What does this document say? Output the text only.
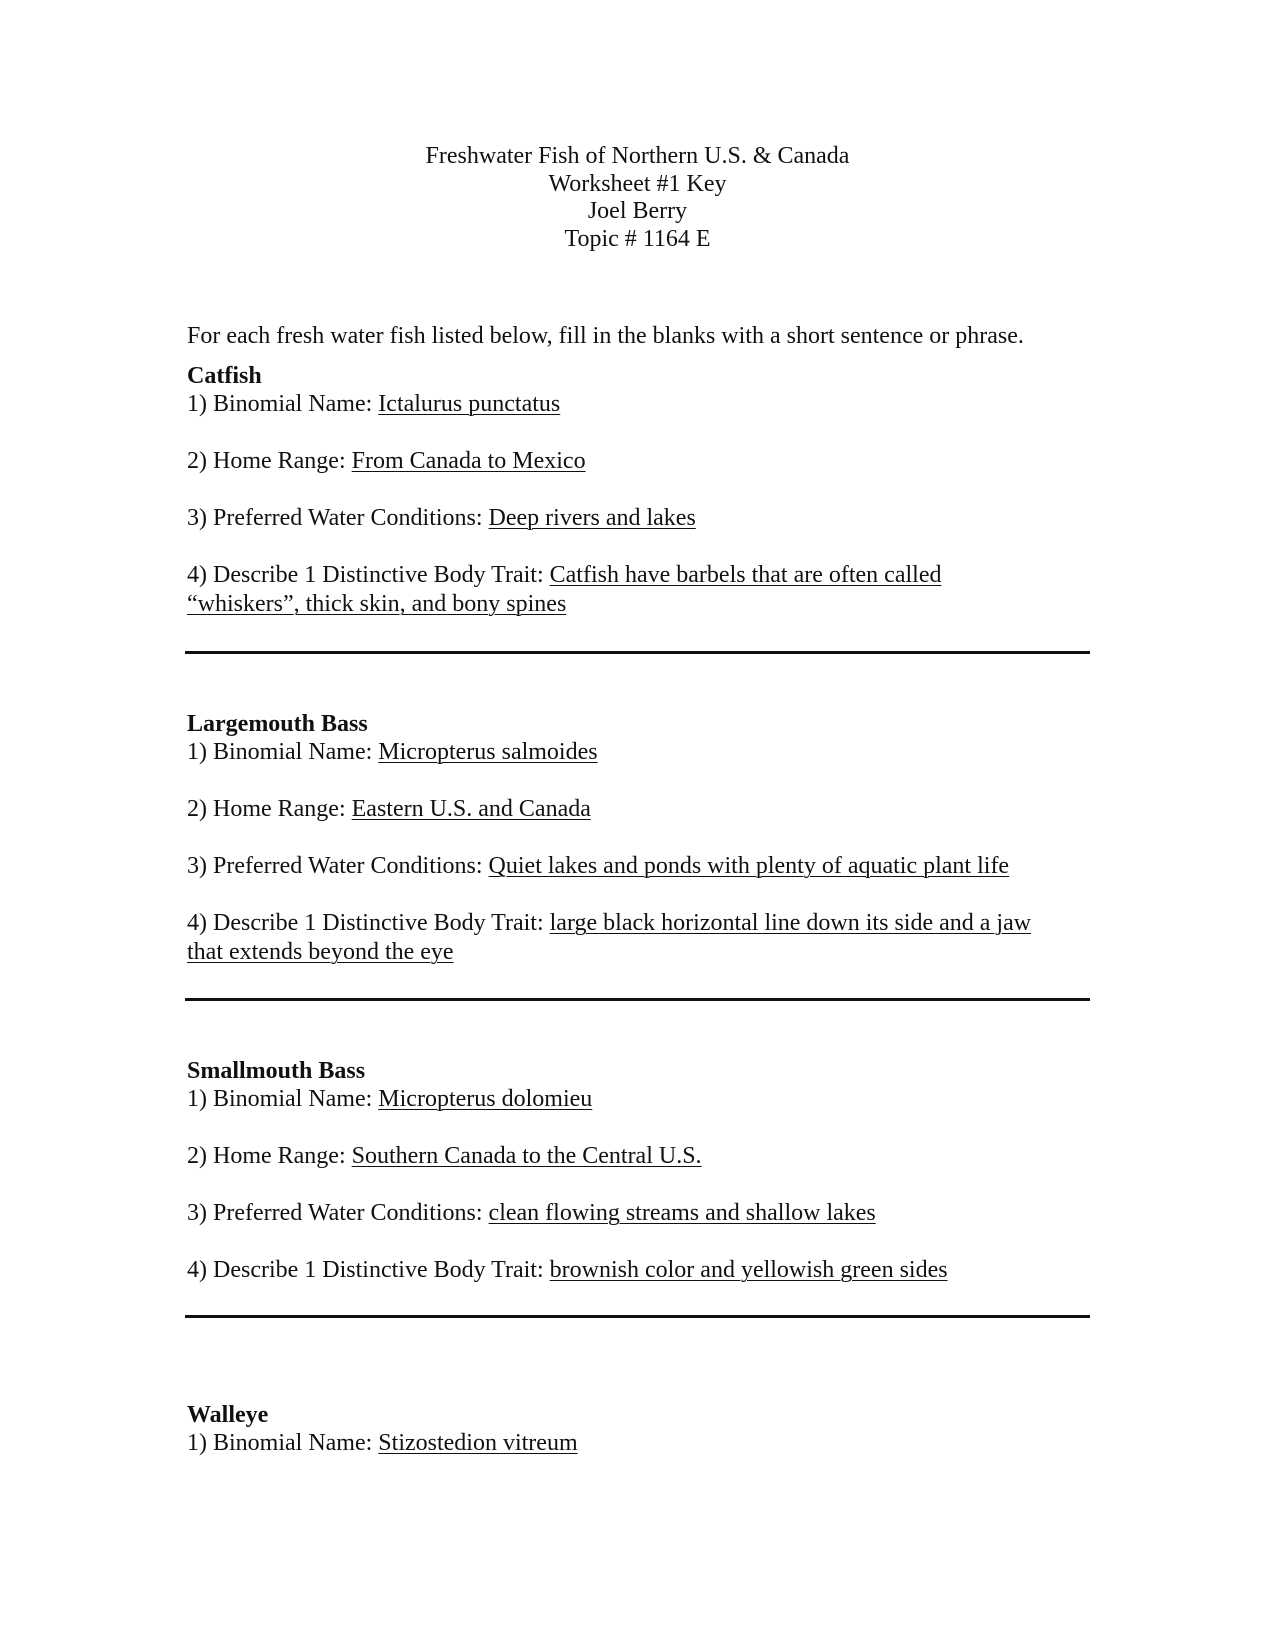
Freshwater Fish of Northern U.S. & Canada
Worksheet #1 Key
Joel Berry
Topic # 1164 E
For each fresh water fish listed below, fill in the blanks with a short sentence or phrase.
Catfish

1) Binomial Name: Ictalurus punctatus

2) Home Range: From Canada to Mexico

3) Preferred Water Conditions: Deep rivers and lakes

4) Describe 1 Distinctive Body Trait: Catfish have barbels that are often called “whiskers”, thick skin, and bony spines

Largemouth Bass

1) Binomial Name: Micropterus salmoides

2) Home Range: Eastern U.S. and Canada

3) Preferred Water Conditions: Quiet lakes and ponds with plenty of aquatic plant life

4) Describe 1 Distinctive Body Trait: large black horizontal line down its side and a jaw that extends beyond the eye

Smallmouth Bass

1) Binomial Name: Micropterus dolomieu

2) Home Range: Southern Canada to the Central U.S.

3) Preferred Water Conditions: clean flowing streams and shallow lakes

4) Describe 1 Distinctive Body Trait: brownish color and yellowish green sides

Walleye

1) Binomial Name: Stizostedion vitreum
